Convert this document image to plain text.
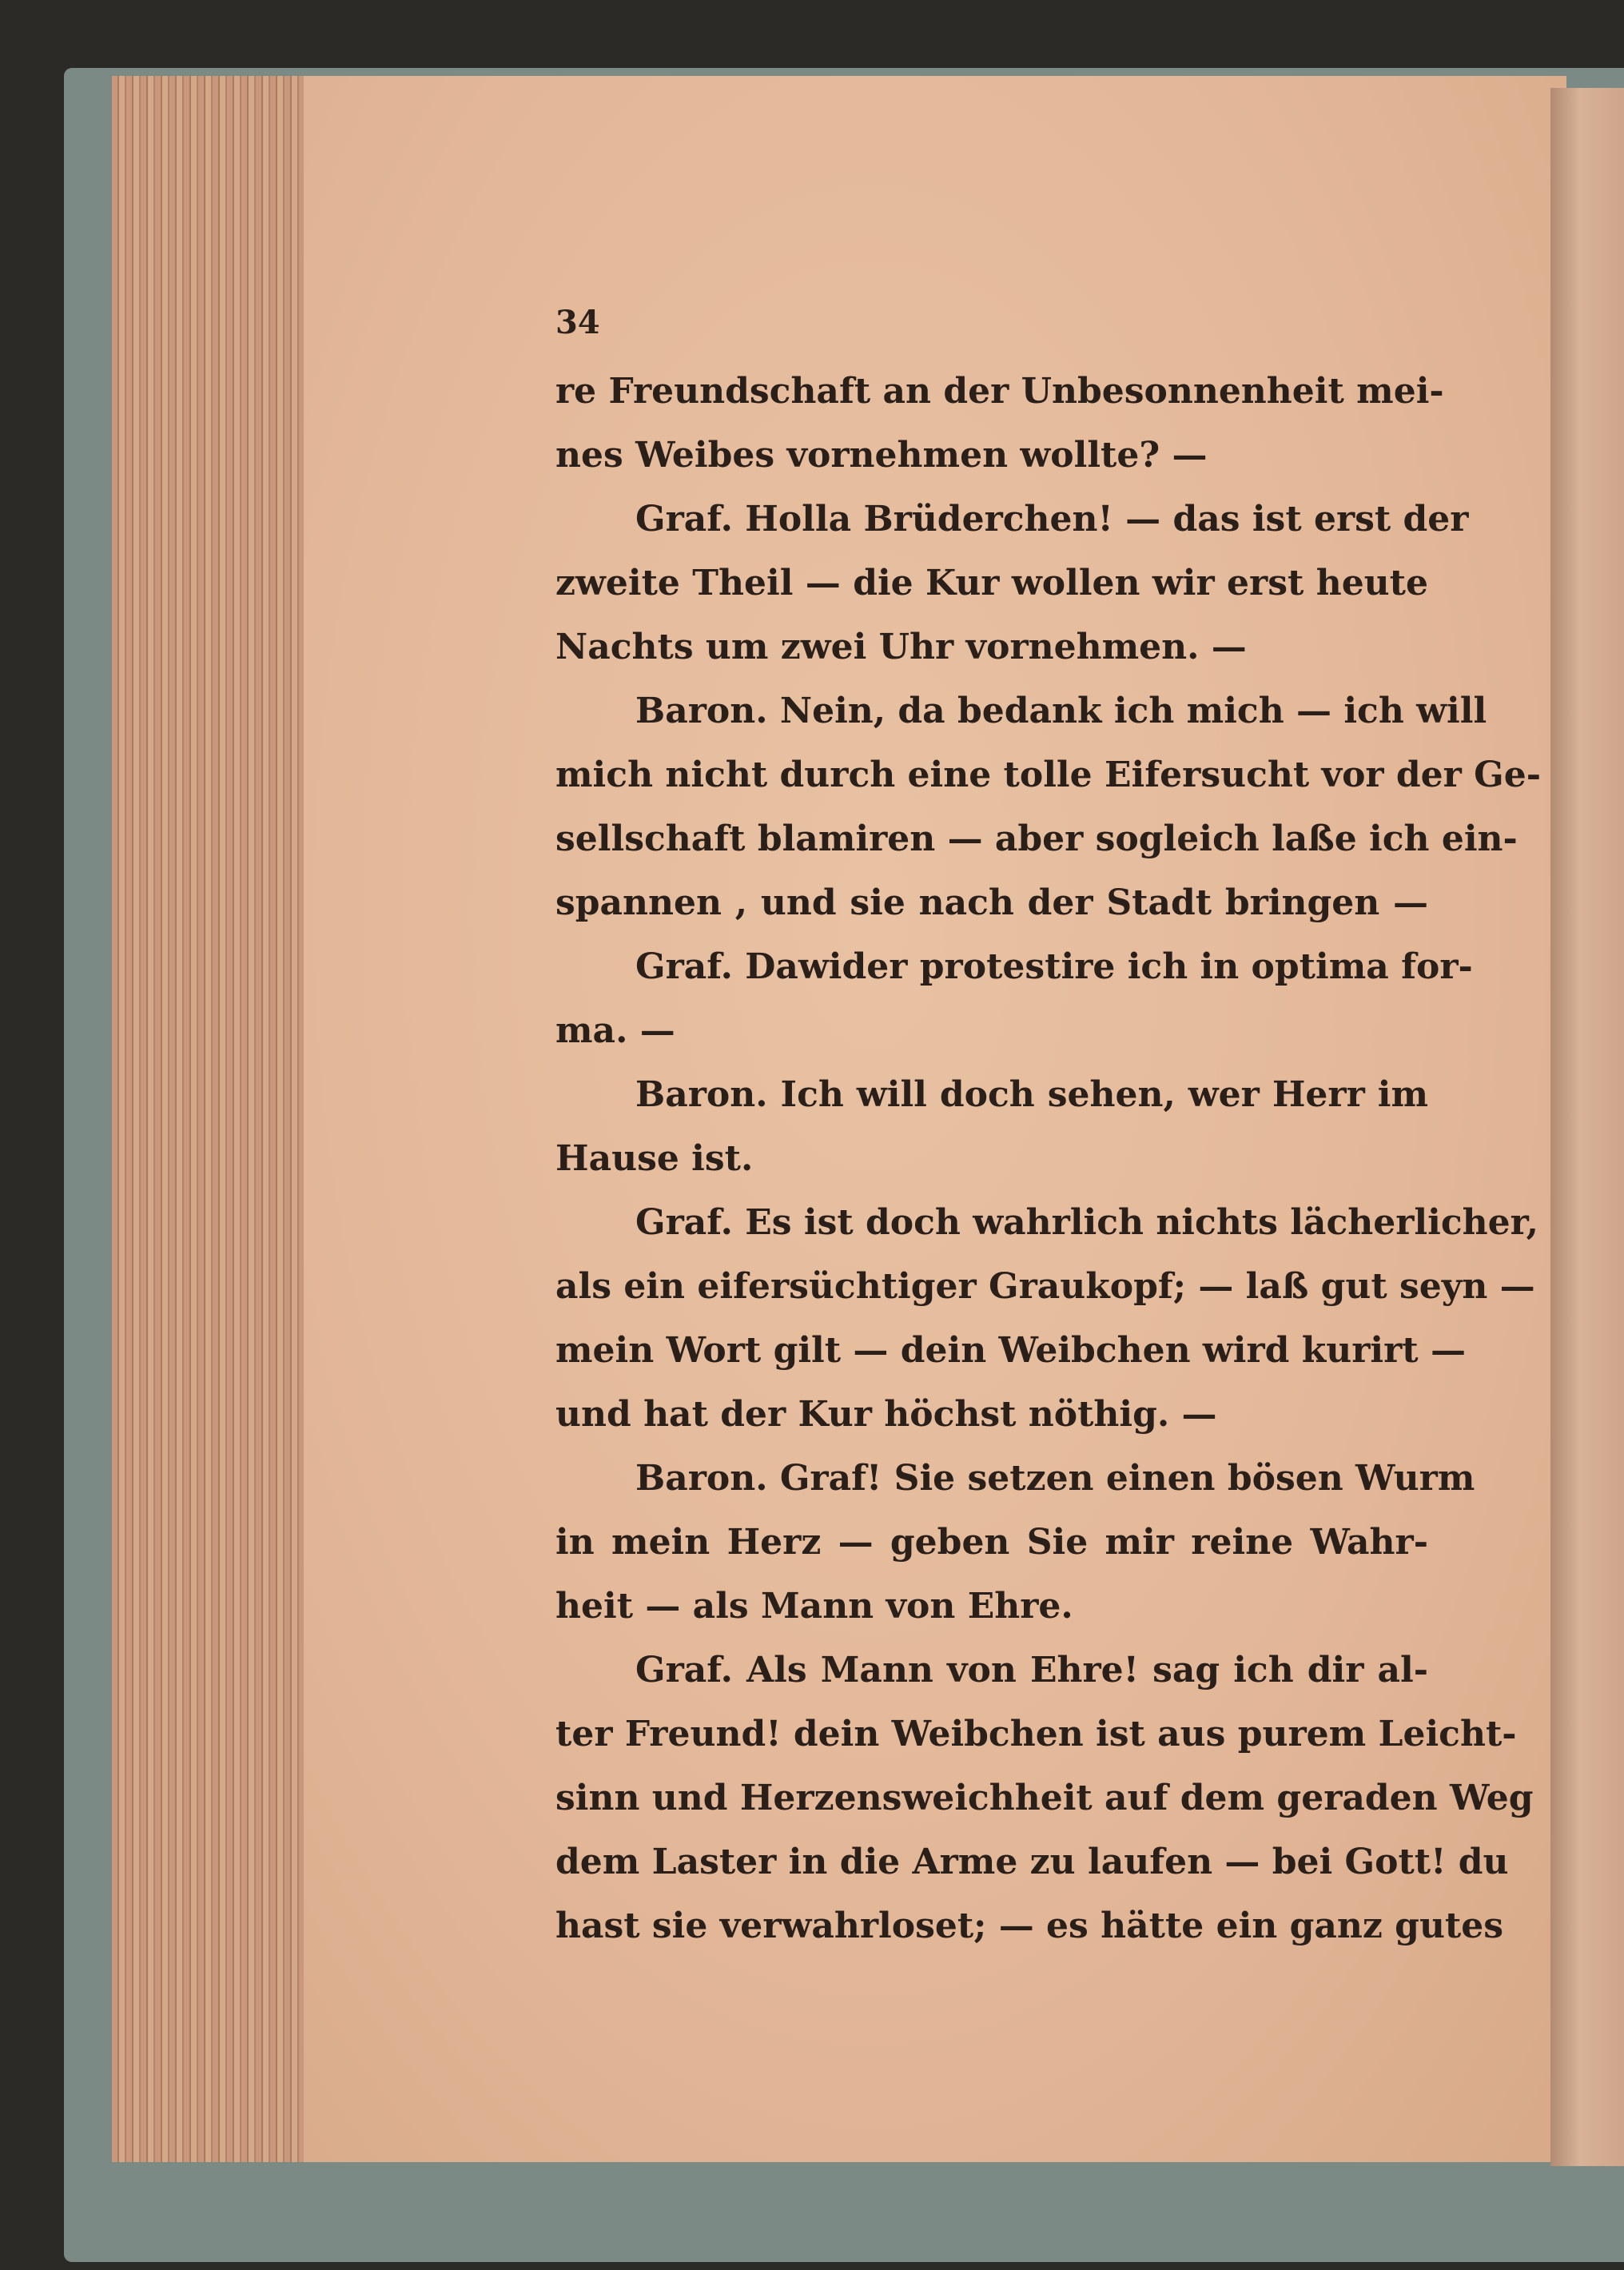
34
re Freundschaft an der Unbesonnenheit mei-
nes Weibes vornehmen wollte? —
Graf. Holla Brüderchen! — das ist erst der
zweite Theil — die Kur wollen wir erst heute
Nachts um zwei Uhr vornehmen. —
Baron. Nein, da bedank ich mich — ich will
mich nicht durch eine tolle Eifersucht vor der Ge-
sellschaft blamiren — aber sogleich laße ich ein-
spannen , und sie nach der Stadt bringen —
Graf. Dawider protestire ich in optima for-
ma. —
Baron. Ich will doch sehen, wer Herr im
Hause ist.
Graf. Es ist doch wahrlich nichts lächerlicher,
als ein eifersüchtiger Graukopf; — laß gut seyn —
mein Wort gilt — dein Weibchen wird kurirt —
und hat der Kur höchst nöthig. —
Baron. Graf! Sie setzen einen bösen Wurm
in mein Herz — geben Sie mir reine Wahr-
heit — als Mann von Ehre.
Graf. Als Mann von Ehre! sag ich dir al-
ter Freund! dein Weibchen ist aus purem Leicht-
sinn und Herzensweichheit auf dem geraden Weg
dem Laster in die Arme zu laufen — bei Gott! du
hast sie verwahrloset; — es hätte ein ganz gutes
